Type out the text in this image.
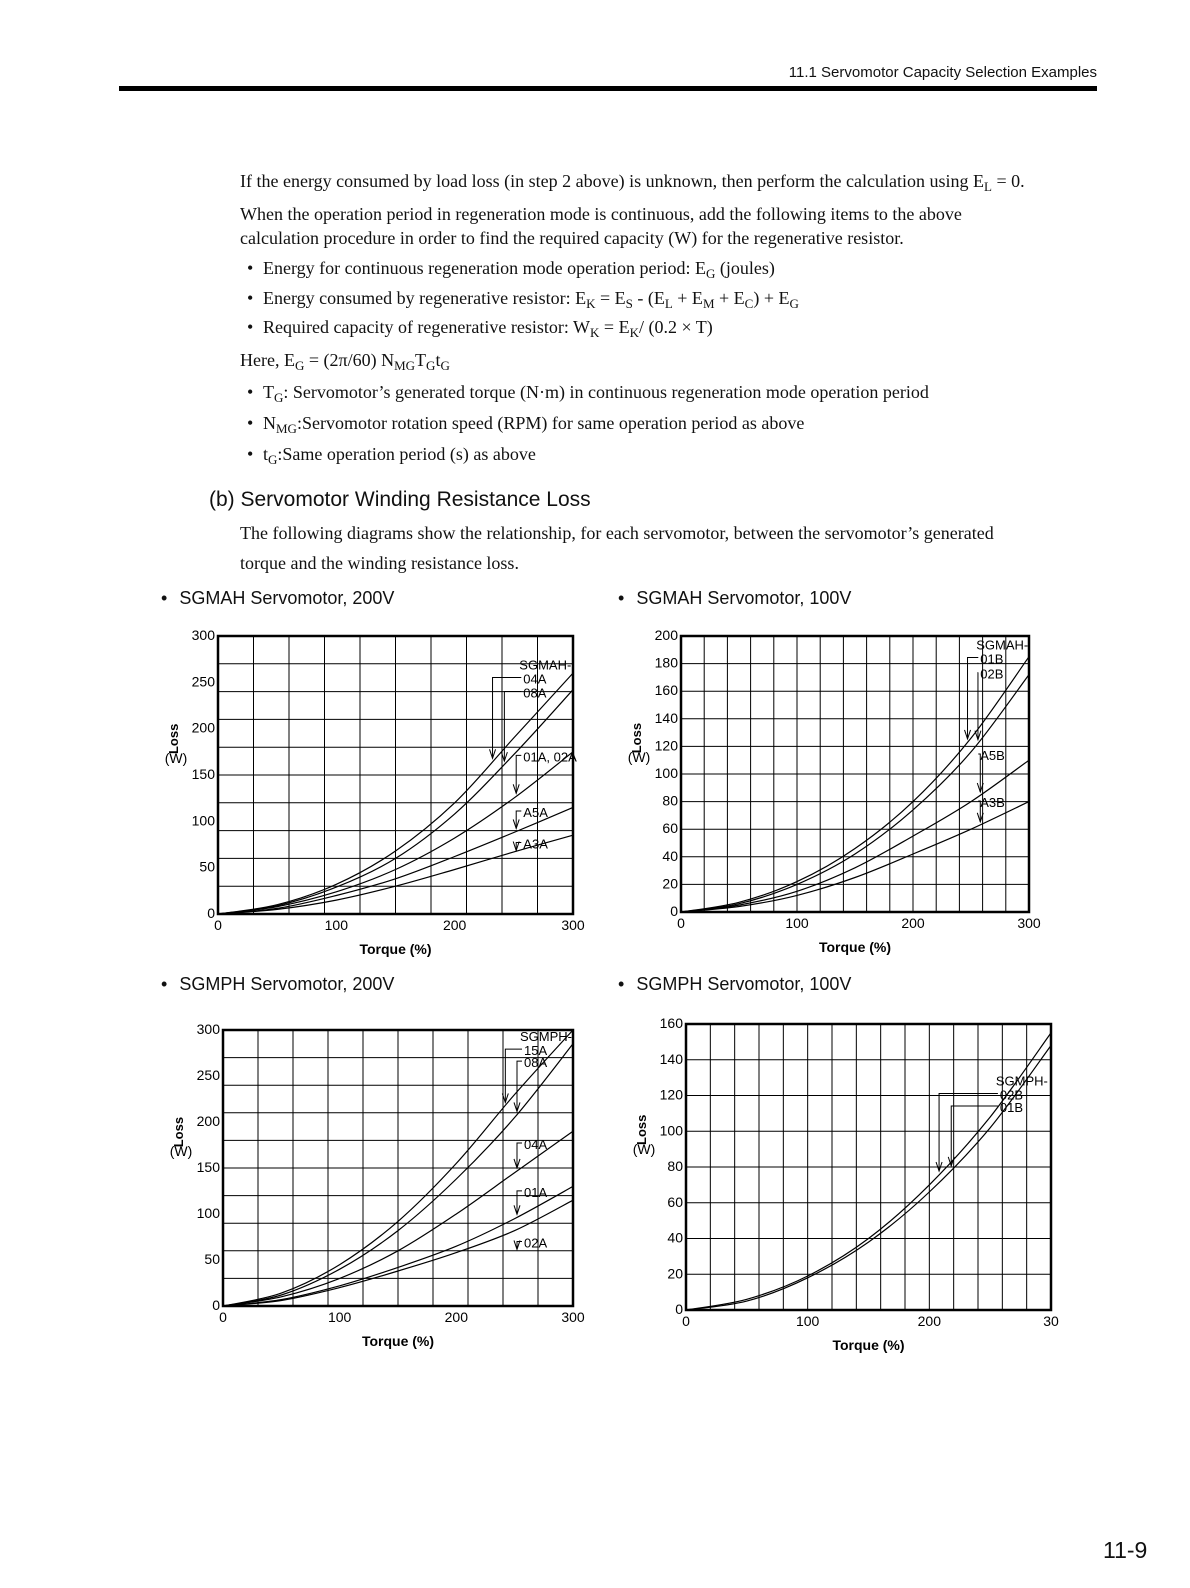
11.1 Servomotor Capacity Selection Examples
If the energy consumed by load loss (in step 2 above) is unknown, then perform the calculation using $E_L = 0$.
When the operation period in regeneration mode is continuous, add the following items to the above
calculation procedure in order to find the required capacity (W) for the regenerative resistor.
• Energy for continuous regeneration mode operation period: $E_G$ (joules)
• Energy consumed by regenerative resistor: $E_K = E_S - (E_L + E_M + E_C) + E_G$
• Required capacity of regenerative resistor: $W_K = E_K/$ (0.2 × T)
Here, $E_G = (2\pi/60)$ $N_{MG}T_Gt_G$
• $T_G$: Servomotor’s generated torque (N·m) in continuous regeneration mode operation period
• $N_{MG}:Servomotor$ rotation speed (RPM) for same operation period as above
• $t_G:Same$ operation period (s) as above
(b) Servomotor Winding Resistance Loss
The following diagrams show the relationship, for each servomotor, between the servomotor’s generated
torque and the winding resistance loss.
• SGMAH Servomotor, 200V	• SGMAH Servomotor, 100V
• SGMPH Servomotor, 200V	• SGMPH Servomotor, 100V
0	100	200	300
0
50
100
150
200
250
300
Torque (%)
Loss
(W)
SGMAH-
04A
08A
01A, 02A
A5A
A3A
0	100	200	300
0
20
40
60
80
100
120
140
160
180
200
Torque (%)
Loss
(W)
SGMAH-
01B
02B
A5B
A3B
0	100	200	300
0
50
100
150
200
250
300
Torque (%)
Loss
(W)
SGMPH-
15A
08A
04A
01A
02A
0	100	200	30
0
20
40
60
80
100
120
140
160
Torque (%)
Loss
(W)
SGMPH-
02B
01B
11-9
